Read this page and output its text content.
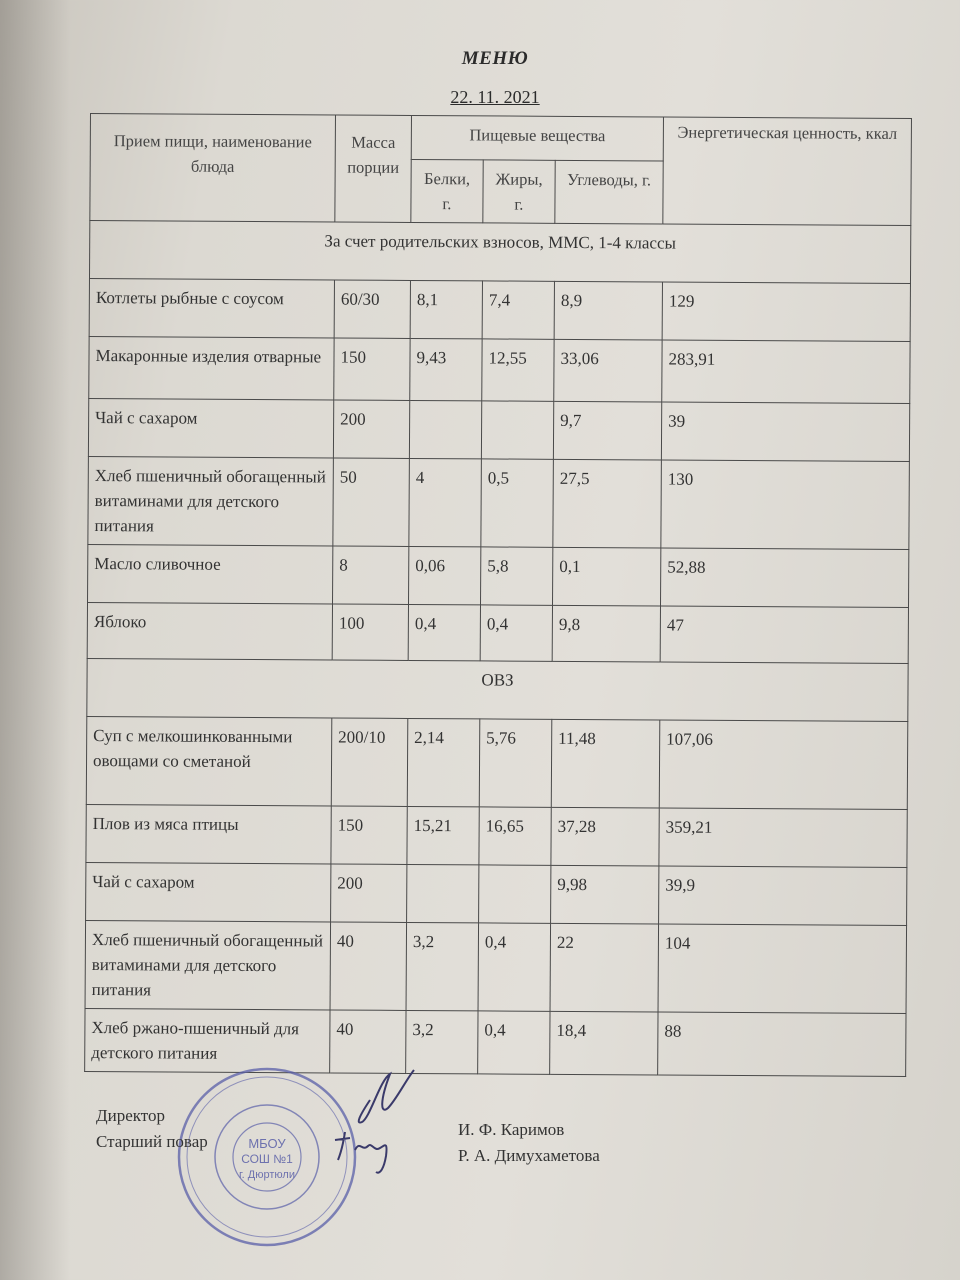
МЕНЮ
22. 11. 2021
Прием пищи, наименование блюда	Масса порции	Пищевые вещества			Энергетическая ценность, ккал
		Белки, г.	Жиры, г.	Углеводы, г.	
За счет родительских взносов, ММС, 1-4 классы					
Котлеты рыбные с соусом	60/30	8,1	7,4	8,9	129
Макаронные изделия отварные	150	9,43	12,55	33,06	283,91
Чай с сахаром	200			9,7	39
Хлеб пшеничный обогащенный витаминами для детского питания	50	4	0,5	27,5	130
Масло сливочное	8	0,06	5,8	0,1	52,88
Яблоко	100	0,4	0,4	9,8	47
ОВЗ					
Суп с мелкошинкованными овощами со сметаной	200/10	2,14	5,76	11,48	107,06
Плов из мяса птицы	150	15,21	16,65	37,28	359,21
Чай с сахаром	200			9,98	39,9
Хлеб пшеничный обогащенный витаминами для детского питания	40	3,2	0,4	22	104
Хлеб ржано-пшеничный для детского питания	40	3,2	0,4	18,4	88
МБОУ
СОШ №1
г. Дюртюли
Директор
Старший повар
И. Ф. Каримов
Р. А. Димухаметова
